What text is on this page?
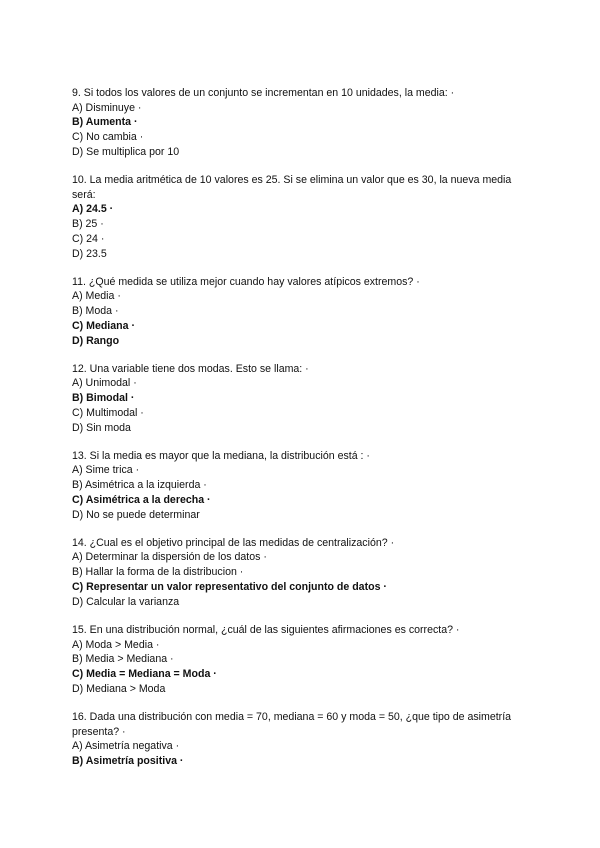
9. Si todos los valores de un conjunto se incrementan en 10 unidades, la media: ·

A) Disminuye ·

B) Aumenta ·

C) No cambia ·

D) Se multiplica por 10

10. La media aritmética de 10 valores es 25. Si se elimina un valor que es 30, la nueva media será:

A) 24.5 ·

B) 25 ·

C) 24 ·

D) 23.5

11. ¿Qué medida se utiliza mejor cuando hay valores atípicos extremos? ·

A) Media ·

B) Moda ·

C) Mediana ·

D) Rango

12. Una variable tiene dos modas. Esto se llama: ·

A) Unimodal ·

B) Bimodal ·

C) Multimodal ·

D) Sin moda

13. Si la media es mayor que la mediana, la distribución está : ·

A) Sime trica ·

B) Asimétrica a la izquierda ·

C) Asimétrica a la derecha ·

D) No se puede determinar

14. ¿Cual es el objetivo principal de las medidas de centralización? ·

A) Determinar la dispersión de los datos ·

B) Hallar la forma de la distribucion ·

C) Representar un valor representativo del conjunto de datos ·

D) Calcular la varianza

15. En una distribución normal, ¿cuál de las siguientes afirmaciones es correcta? ·

A) Moda > Media ·

B) Media > Mediana ·

C) Media = Mediana = Moda ·

D) Mediana > Moda

16. Dada una distribución con media = 70, mediana = 60 y moda = 50, ¿que tipo de asimetría presenta? ·

A) Asimetría negativa ·

B) Asimetría positiva ·
